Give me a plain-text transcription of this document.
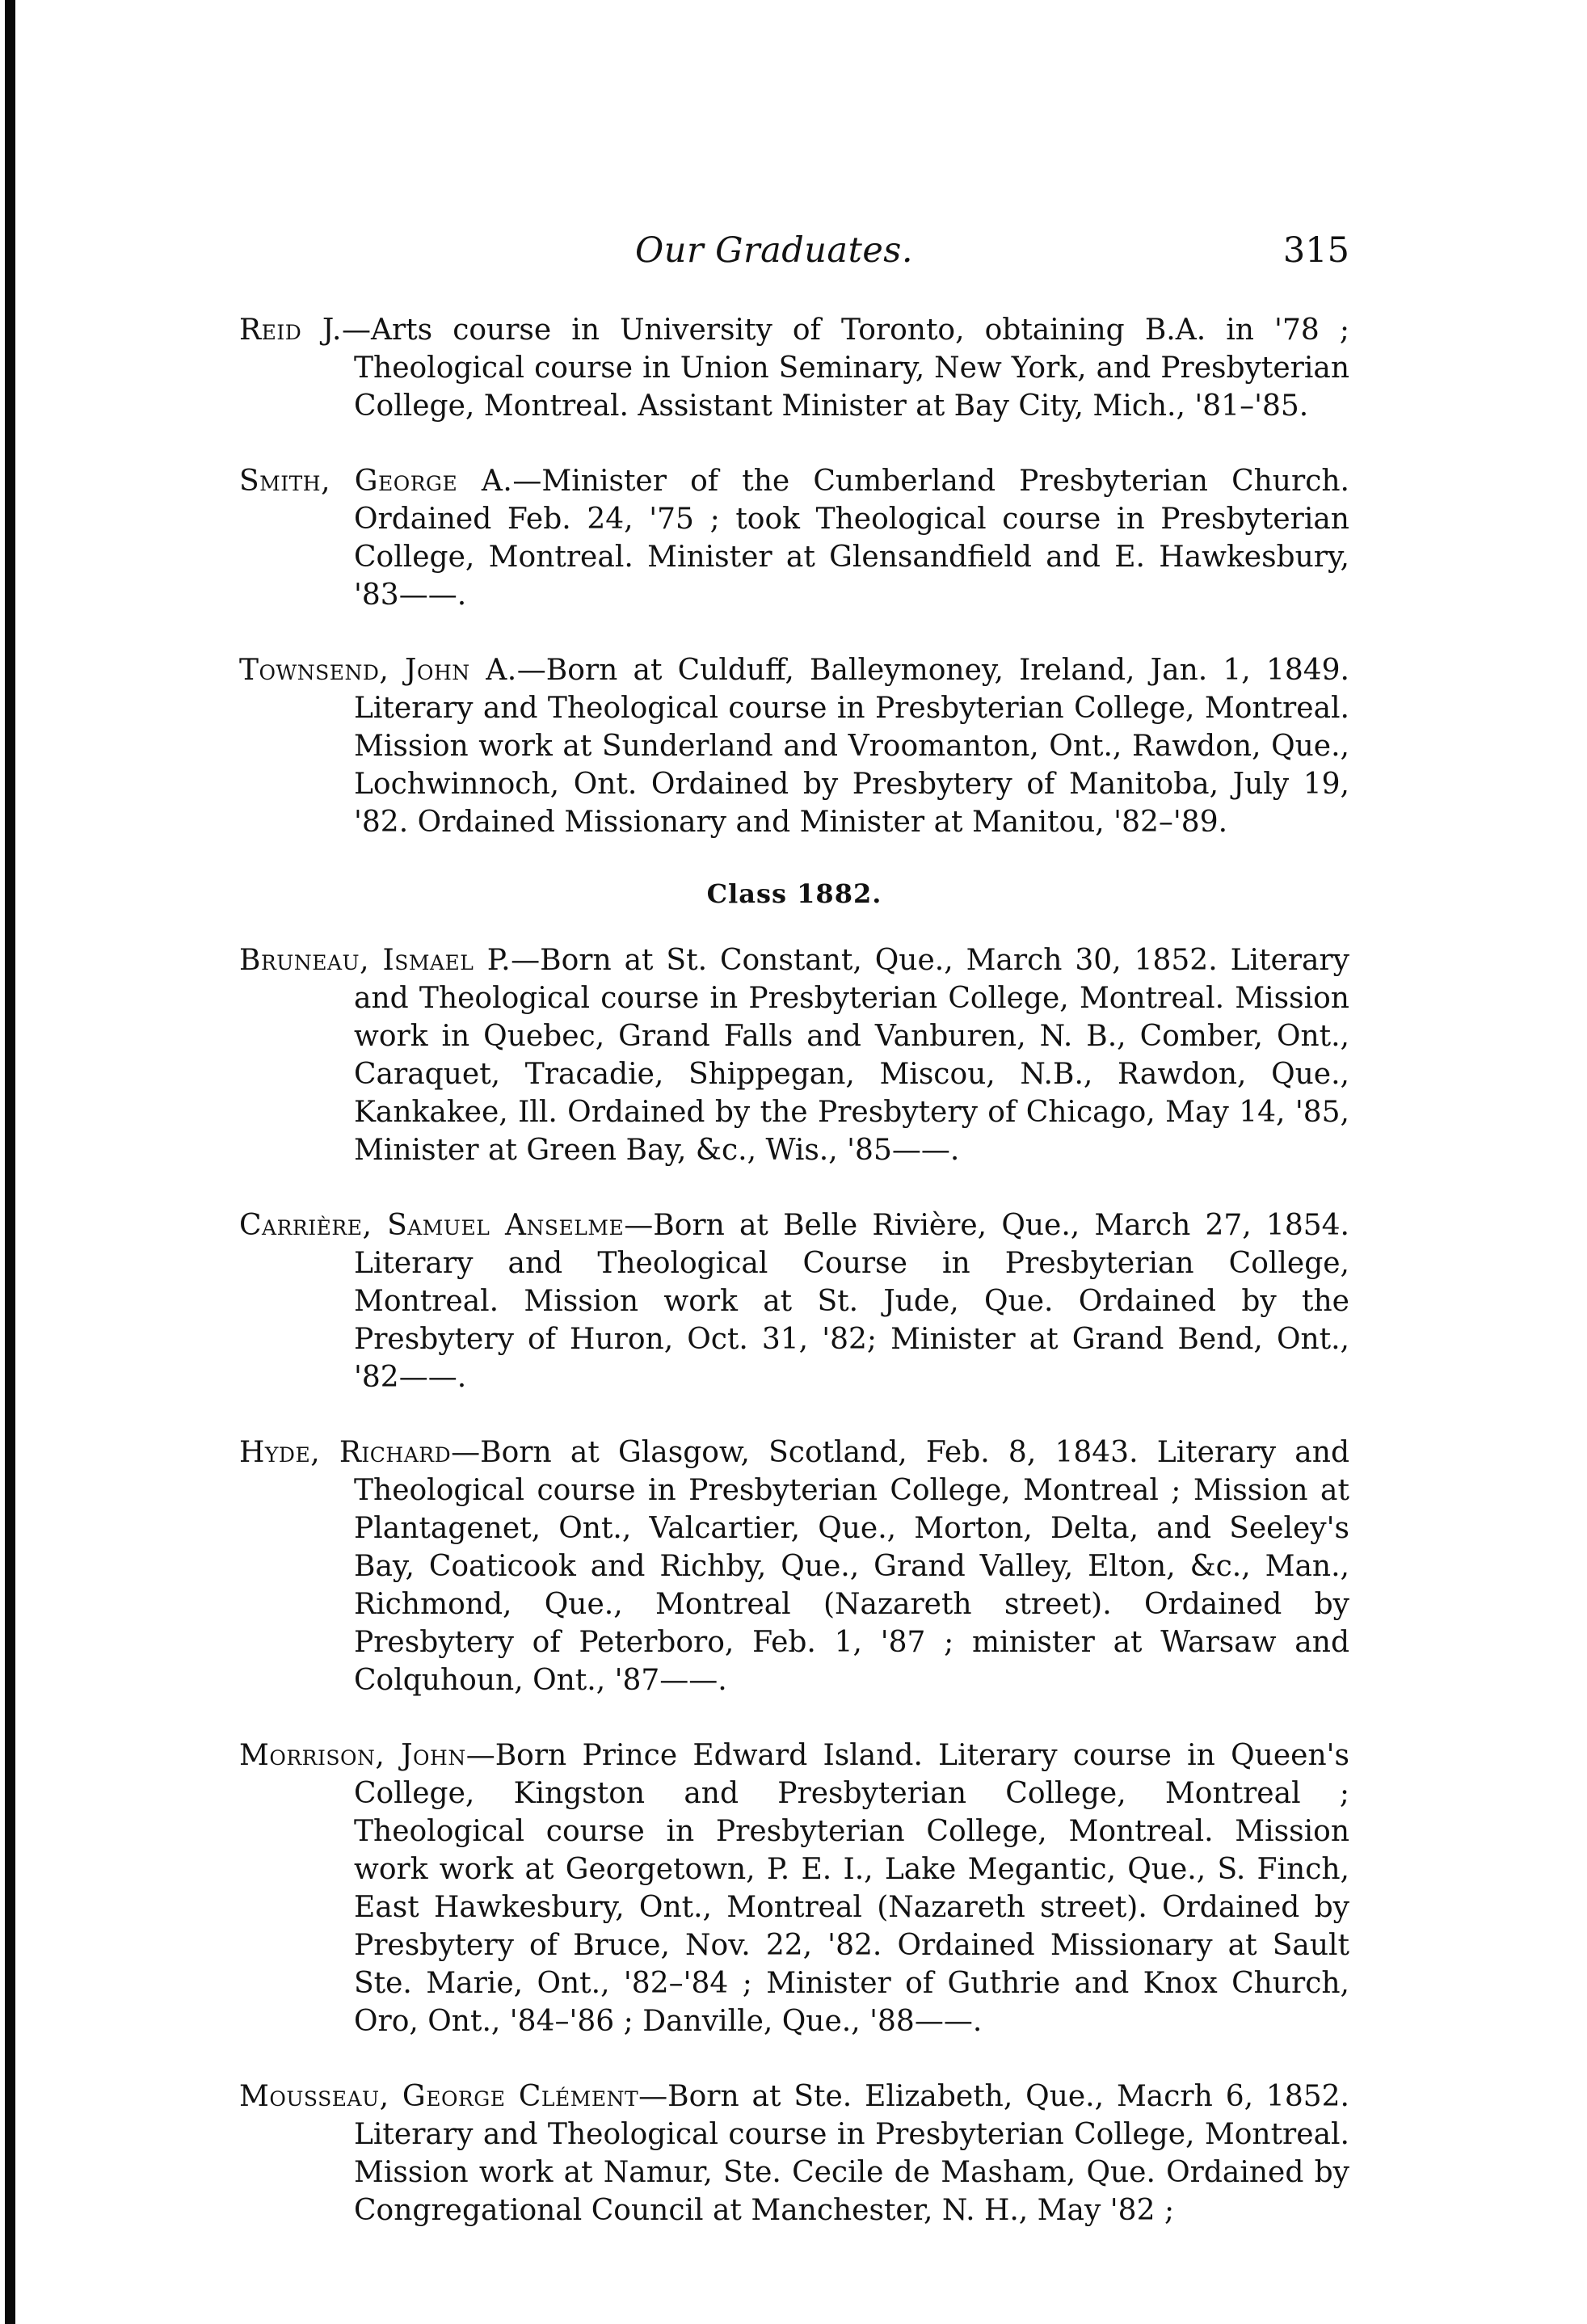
Our Graduates.	315

Reid J.—Arts course in University of Toronto, obtaining B.A. in '78 ; Theological course in Union Seminary, New York, and Presbyterian College, Montreal. Assistant Minister at Bay City, Mich., '81–'85.

Smith, George A.—Minister of the Cumberland Presbyterian Church. Ordained Feb. 24, '75 ; took Theological course in Presbyterian College, Montreal. Minister at Glensandfield and E. Hawkesbury, '83——.

Townsend, John A.—Born at Culduff, Balleymoney, Ireland, Jan. 1, 1849. Literary and Theological course in Presbyterian College, Montreal. Mission work at Sunderland and Vroomanton, Ont., Rawdon, Que., Lochwinnoch, Ont. Ordained by Presbytery of Manitoba, July 19, '82. Ordained Missionary and Minister at Manitou, '82–'89.

Class 1882.

Bruneau, Ismael P.—Born at St. Constant, Que., March 30, 1852. Literary and Theological course in Presbyterian College, Montreal. Mission work in Quebec, Grand Falls and Vanburen, N. B., Comber, Ont., Caraquet, Tracadie, Shippegan, Miscou, N.B., Rawdon, Que., Kankakee, Ill. Ordained by the Presbytery of Chicago, May 14, '85, Minister at Green Bay, &c., Wis., '85——.

Carrière, Samuel Anselme—Born at Belle Rivière, Que., March 27, 1854. Literary and Theological Course in Presbyterian College, Montreal. Mission work at St. Jude, Que. Ordained by the Presbytery of Huron, Oct. 31, '82; Minister at Grand Bend, Ont., '82——.

Hyde, Richard—Born at Glasgow, Scotland, Feb. 8, 1843. Literary and Theological course in Presbyterian College, Montreal ; Mission at Plantagenet, Ont., Valcartier, Que., Morton, Delta, and Seeley's Bay, Coaticook and Richby, Que., Grand Valley, Elton, &c., Man., Richmond, Que., Montreal (Nazareth street). Ordained by Presbytery of Peterboro, Feb. 1, '87 ; minister at Warsaw and Colquhoun, Ont., '87——.

Morrison, John—Born Prince Edward Island. Literary course in Queen's College, Kingston and Presbyterian College, Montreal ; Theological course in Presbyterian College, Montreal. Mission work work at Georgetown, P. E. I., Lake Megantic, Que., S. Finch, East Hawkesbury, Ont., Montreal (Nazareth street). Ordained by Presbytery of Bruce, Nov. 22, '82. Ordained Missionary at Sault Ste. Marie, Ont., '82–'84 ; Minister of Guthrie and Knox Church, Oro, Ont., '84–'86 ; Danville, Que., '88——.

Mousseau, George Clément—Born at Ste. Elizabeth, Que., Macrh 6, 1852. Literary and Theological course in Presbyterian College, Montreal. Mission work at Namur, Ste. Cecile de Masham, Que. Ordained by Congregational Council at Manchester, N. H., May '82 ;
